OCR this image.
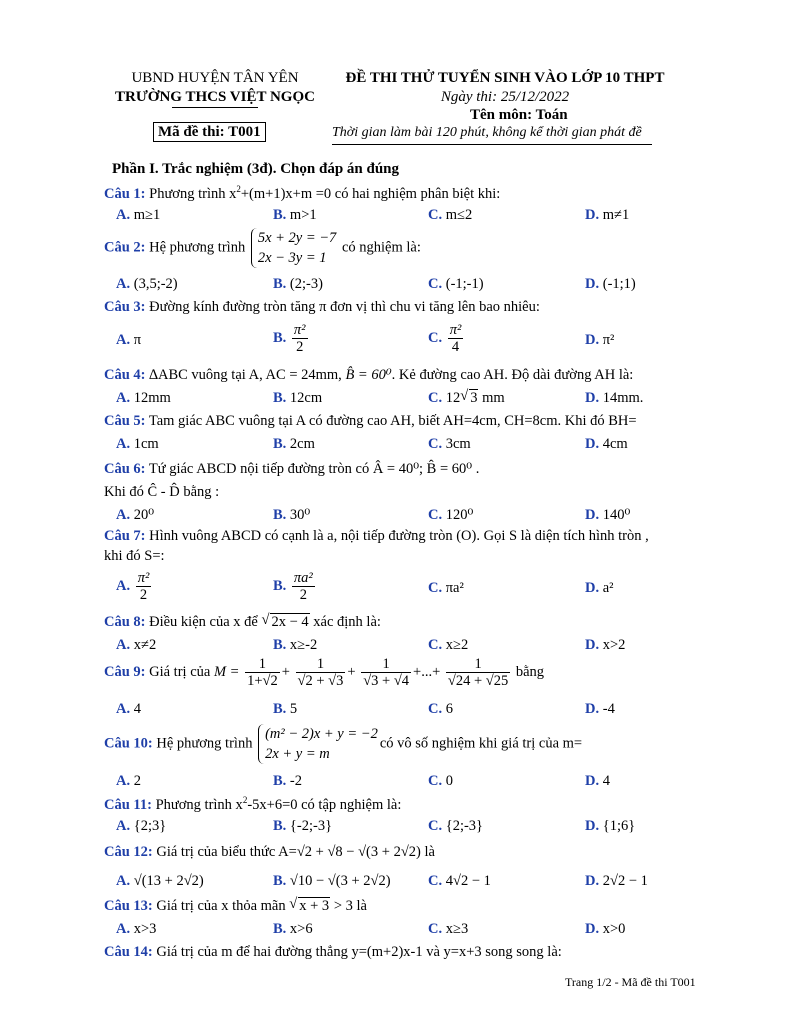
UBND HUYỆN TÂN YÊN
TRƯỜNG THCS VIỆT NGỌC
Mã đề thi: T001
ĐỀ THI THỬ TUYỂN SINH VÀO LỚP 10 THPT
Ngày thi: 25/12/2022
Tên môn: Toán
Thời gian làm bài 120 phút, không kể thời gian phát đề
Phần I. Trắc nghiệm (3đ). Chọn đáp án đúng
Câu 1: Phương trình $x^2+(m+1)x+m =0$ có hai nghiệm phân biệt khi:
A. m≥1	B. m>1	C. m≤2	D. m≠1
Câu 2: Hệ phương trình
5x + 2y = −7
2x − 3y = 1
có nghiệm là:
A. (3,5;-2)	B. (2;-3)	C. (-1;-1)	D. (-1;1)
Câu 3: Đường kính đường tròn tăng π đơn vị thì chu vi tăng lên bao nhiêu:
A. π	B. $\frac{\text{π²}}{2}$	C. $\frac{\text{π²}}{4}$	D. π²
Câu 4: ∆ABC vuông tại A, AC = 24mm, B̂ = 60⁰. Kẻ đường cao AH. Độ dài đường AH là:
A. 12mm	B. 12cm	C. 12 √ 3 mm	D. 14mm.
Câu 5: Tam giác ABC vuông tại A có đường cao AH, biết AH=4cm, CH=8cm. Khi đó BH=
A. 1cm	B. 2cm	C. 3cm	D. 4cm
Câu 6: Tứ giác ABCD nội tiếp đường tròn có Â = 40⁰; B̂ = 60⁰ .
Khi đó Ĉ - D̂ bằng :
A. 20⁰	B. 30⁰	C. 120⁰	D. 140⁰
Câu 7: Hình vuông ABCD có cạnh là a, nội tiếp đường tròn (O). Gọi S là diện tích hình tròn ,
khi đó S=:
A. $\frac{\text{π²}}{2}$	B. $\frac{\text{πa²}}{2}$	C. πa²	D. a²
Câu 8: Điều kiện của x để √ 2x − 4 xác định là:
A. x≠2	B. x≥-2	C. x≥2	D. x>2
Câu 9: Giá trị của $M = \frac{1}{1+√2} + \frac{1}{√2 + √3} + \frac{1}{√3 + √4}$ +...+ $\frac{1}{√24 + √25}$ bằng
A. 4	B. 5	C. 6	D. -4
Câu 10: Hệ phương trình
(m² − 2)x + y = −2
2x + y = m
có vô số nghiệm khi giá trị của m=
A. 2	B. -2	C. 0	D. 4
Câu 11: Phương trình $x^2-5x+6=0$ có tập nghiệm là:
A. {2;3}	B. {-2;-3}	C. {2;-3}	D. {1;6}
Câu 12: Giá trị của biểu thức A=√2 + √8 − √(3 + 2√2) là
A. √(13 + 2√2)	B. √10 − √(3 + 2√2)	C. 4√2 − 1	D. 2√2 − 1
Câu 13: Giá trị của x thỏa mãn √ x + 3 > 3 là
A. x>3	B. x>6	C. x≥3	D. x>0
Câu 14: Giá trị của m để hai đường thẳng y=(m+2)x-1 và y=x+3 song song là:
Trang 1/2 - Mã đề thi T001
